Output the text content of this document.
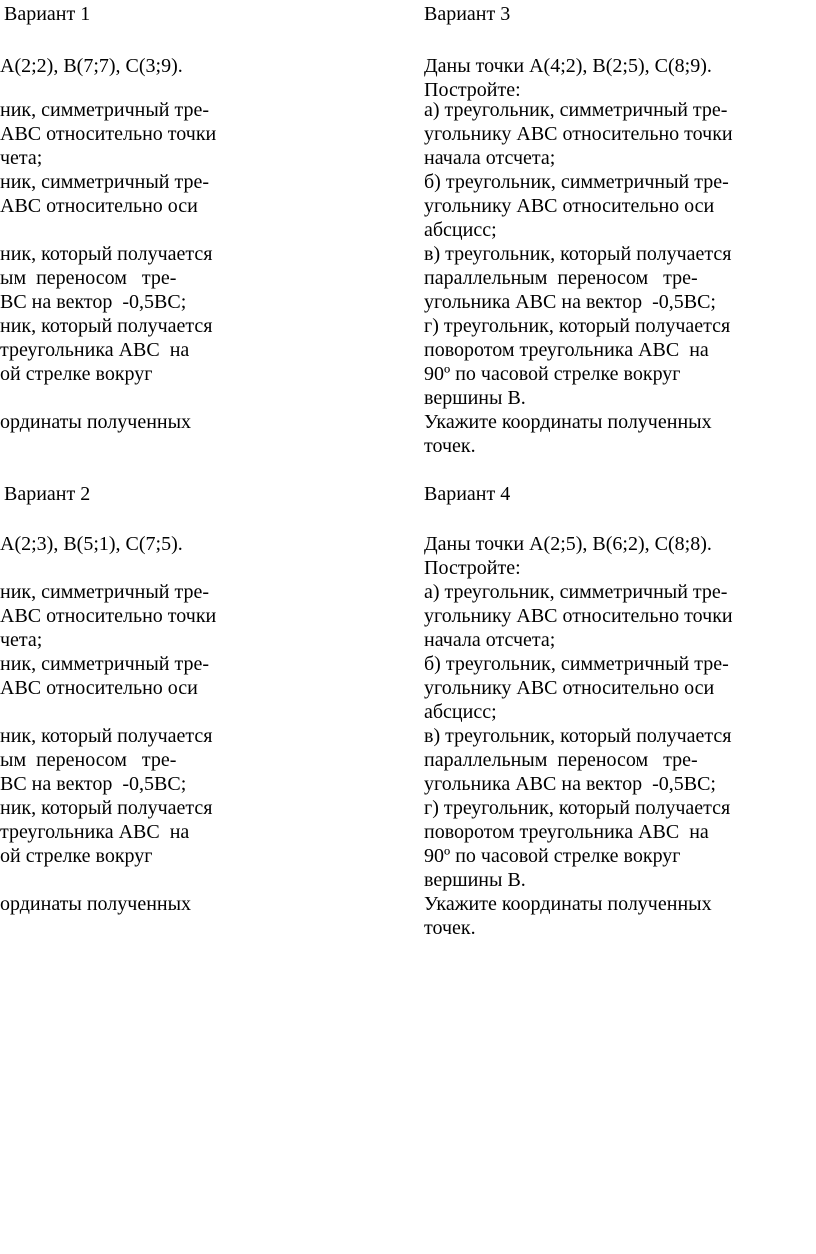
Вариант 1
А(2;2), В(7;7), С(3;9).
ник, симметричный тре-
АВС относительно точки
чета;
ник, симметричный тре-
АВС относительно оси
ник, который получается
ым  переносом   тре-
ВС на вектор  -0,5ВС;
ник, который получается
треугольника АВС  на
ой стрелке вокруг
ординаты полученных
Вариант 2
А(2;3), В(5;1), С(7;5).
ник, симметричный тре-
АВС относительно точки
чета;
ник, симметричный тре-
АВС относительно оси
ник, который получается
ым  переносом   тре-
ВС на вектор  -0,5ВС;
ник, который получается
треугольника АВС  на
ой стрелке вокруг
ординаты полученных
Вариант 3
Даны точки А(4;2), В(2;5), С(8;9).
Постройте:
а) треугольник, симметричный тре-
угольнику АВС относительно точки
начала отсчета;
б) треугольник, симметричный тре-
угольнику АВС относительно оси
абсцисс;
в) треугольник, который получается
параллельным  переносом   тре-
угольника АВС на вектор  -0,5ВС;
г) треугольник, который получается
поворотом треугольника АВС  на
90º по часовой стрелке вокруг
вершины В.
Укажите координаты полученных
точек.
Вариант 4
Даны точки А(2;5), В(6;2), С(8;8).
Постройте:
а) треугольник, симметричный тре-
угольнику АВС относительно точки
начала отсчета;
б) треугольник, симметричный тре-
угольнику АВС относительно оси
абсцисс;
в) треугольник, который получается
параллельным  переносом   тре-
угольника АВС на вектор  -0,5ВС;
г) треугольник, который получается
поворотом треугольника АВС  на
90º по часовой стрелке вокруг
вершины В.
Укажите координаты полученных
точек.
